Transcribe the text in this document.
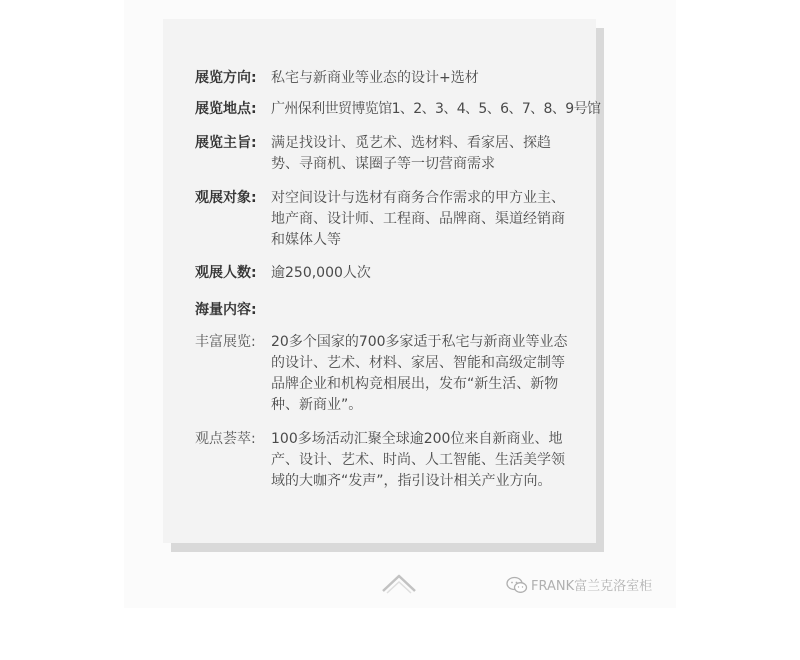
展览方向:	私宅与新商业等业态的设计+选材
展览地点:	广州保利世贸博览馆1、2、3、4、5、6、7、8、9号馆
展览主旨:	满足找设计、觅艺术、选材料、看家居、探趋势、寻商机、谋圈子等一切营商需求
观展对象:	对空间设计与选材有商务合作需求的甲方业主、地产商、设计师、工程商、品牌商、渠道经销商和媒体人等
观展人数:	逾250,000人次
海量内容:
丰富展览:	20多个国家的700多家适于私宅与新商业等业态的设计、艺术、材料、家居、智能和高级定制等品牌企业和机构竞相展出，发布“新生活、新物种、新商业”。
观点荟萃:	100多场活动汇聚全球逾200位来自新商业、地产、设计、艺术、时尚、人工智能、生活美学领域的大咖齐“发声”，指引设计相关产业方向。
FRANK富兰克洛室柜
